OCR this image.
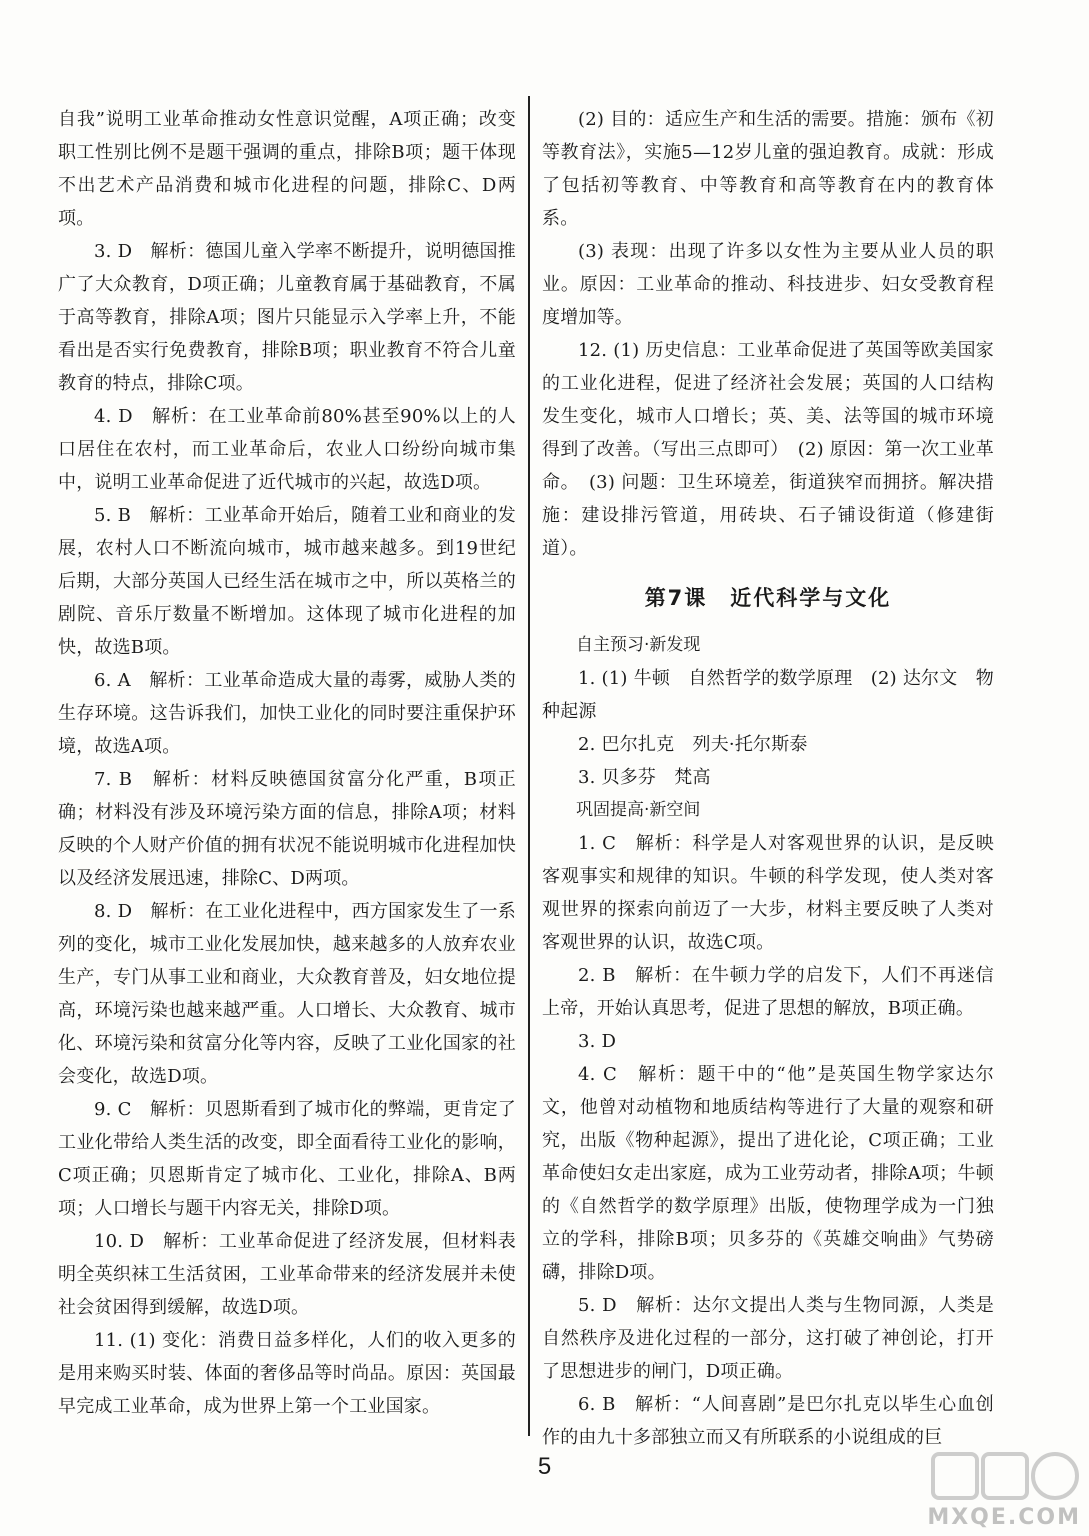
自我”说明工业革命推动女性意识觉醒，A项正确；改变职工性别比例不是题干强调的重点，排除B项；题干体现不出艺术产品消费和城市化进程的问题，排除C、D两项。

3. D　解析：德国儿童入学率不断提升，说明德国推广了大众教育，D项正确；儿童教育属于基础教育，不属于高等教育，排除A项；图片只能显示入学率上升，不能看出是否实行免费教育，排除B项；职业教育不符合儿童教育的特点，排除C项。

4. D　解析：在工业革命前80%甚至90%以上的人口居住在农村，而工业革命后，农业人口纷纷向城市集中，说明工业革命促进了近代城市的兴起，故选D项。

5. B　解析：工业革命开始后，随着工业和商业的发展，农村人口不断流向城市，城市越来越多。到19世纪后期，大部分英国人已经生活在城市之中，所以英格兰的剧院、音乐厅数量不断增加。这体现了城市化进程的加快，故选B项。

6. A　解析：工业革命造成大量的毒雾，威胁人类的生存环境。这告诉我们，加快工业化的同时要注重保护环境，故选A项。

7. B　解析：材料反映德国贫富分化严重，B项正确；材料没有涉及环境污染方面的信息，排除A项；材料反映的个人财产价值的拥有状况不能说明城市化进程加快以及经济发展迅速，排除C、D两项。

8. D　解析：在工业化进程中，西方国家发生了一系列的变化，城市工业化发展加快，越来越多的人放弃农业生产，专门从事工业和商业，大众教育普及，妇女地位提高，环境污染也越来越严重。人口增长、大众教育、城市化、环境污染和贫富分化等内容，反映了工业化国家的社会变化，故选D项。

9. C　解析：贝恩斯看到了城市化的弊端，更肯定了工业化带给人类生活的改变，即全面看待工业化的影响，C项正确；贝恩斯肯定了城市化、工业化，排除A、B两项；人口增长与题干内容无关，排除D项。

10. D　解析：工业革命促进了经济发展，但材料表明全英织袜工生活贫困，工业革命带来的经济发展并未使社会贫困得到缓解，故选D项。

11. (1) 变化：消费日益多样化，人们的收入更多的是用来购买时装、体面的奢侈品等时尚品。原因：英国最早完成工业革命，成为世界上第一个工业国家。

(2) 目的：适应生产和生活的需要。措施：颁布《初等教育法》，实施5—12岁儿童的强迫教育。成就：形成了包括初等教育、中等教育和高等教育在内的教育体系。

(3) 表现：出现了许多以女性为主要从业人员的职业。原因：工业革命的推动、科技进步、妇女受教育程度增加等。

12. (1) 历史信息：工业革命促进了英国等欧美国家的工业化进程，促进了经济社会发展；英国的人口结构发生变化，城市人口增长；英、美、法等国的城市环境得到了改善。（写出三点即可）　(2) 原因：第一次工业革命。　(3) 问题：卫生环境差，街道狭窄而拥挤。解决措施：建设排污管道，用砖块、石子铺设街道（修建街道）。

第7课　近代科学与文化
自主预习·新发现

1. (1) 牛顿　自然哲学的数学原理　(2) 达尔文　物种起源

2. 巴尔扎克　列夫·托尔斯泰

3. 贝多芬　梵高

巩固提高·新空间

1. C　解析：科学是人对客观世界的认识，是反映客观事实和规律的知识。牛顿的科学发现，使人类对客观世界的探索向前迈了一大步，材料主要反映了人类对客观世界的认识，故选C项。

2. B　解析：在牛顿力学的启发下，人们不再迷信上帝，开始认真思考，促进了思想的解放，B项正确。

3. D

4. C　解析：题干中的“他”是英国生物学家达尔文，他曾对动植物和地质结构等进行了大量的观察和研究，出版《物种起源》，提出了进化论，C项正确；工业革命使妇女走出家庭，成为工业劳动者，排除A项；牛顿的《自然哲学的数学原理》出版，使物理学成为一门独立的学科，排除B项；贝多芬的《英雄交响曲》气势磅礴，排除D项。

5. D　解析：达尔文提出人类与生物同源，人类是自然秩序及进化过程的一部分，这打破了神创论，打开了思想进步的闸门，D项正确。

6. B　解析：“人间喜剧”是巴尔扎克以毕生心血创作的由九十多部独立而又有所联系的小说组成的巨

5
MXQE.COM
